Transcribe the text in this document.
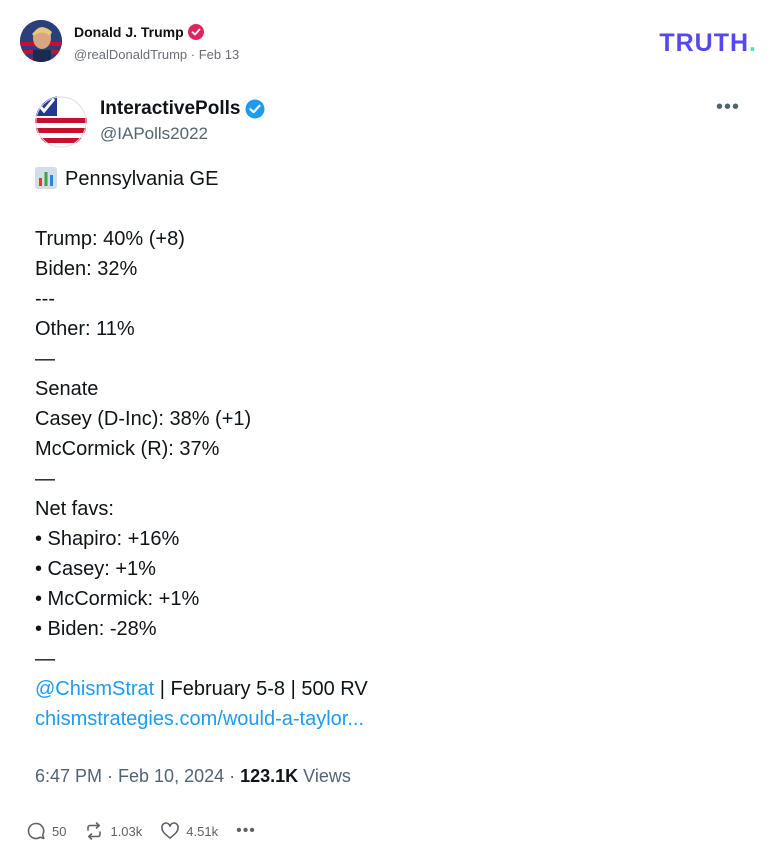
Donald J. Trump
@realDonaldTrump · Feb 13	TRUTH.
InteractivePolls
@IAPolls2022
•••
Pennsylvania GE
Trump: 40% (+8)
Biden: 32%
---
Other: 11%
—
Senate
Casey (D-Inc): 38% (+1)
McCormick (R): 37%
—
Net favs:
• Shapiro: +16%
• Casey: +1%
• McCormick: +1%
• Biden: -28%
—
@ChismStrat | February 5-8 | 500 RV
chismstrategies.com/would-a-taylor...
6:47 PM · Feb 10, 2024 · 123.1K Views
50	1.03k	4.51k •••
